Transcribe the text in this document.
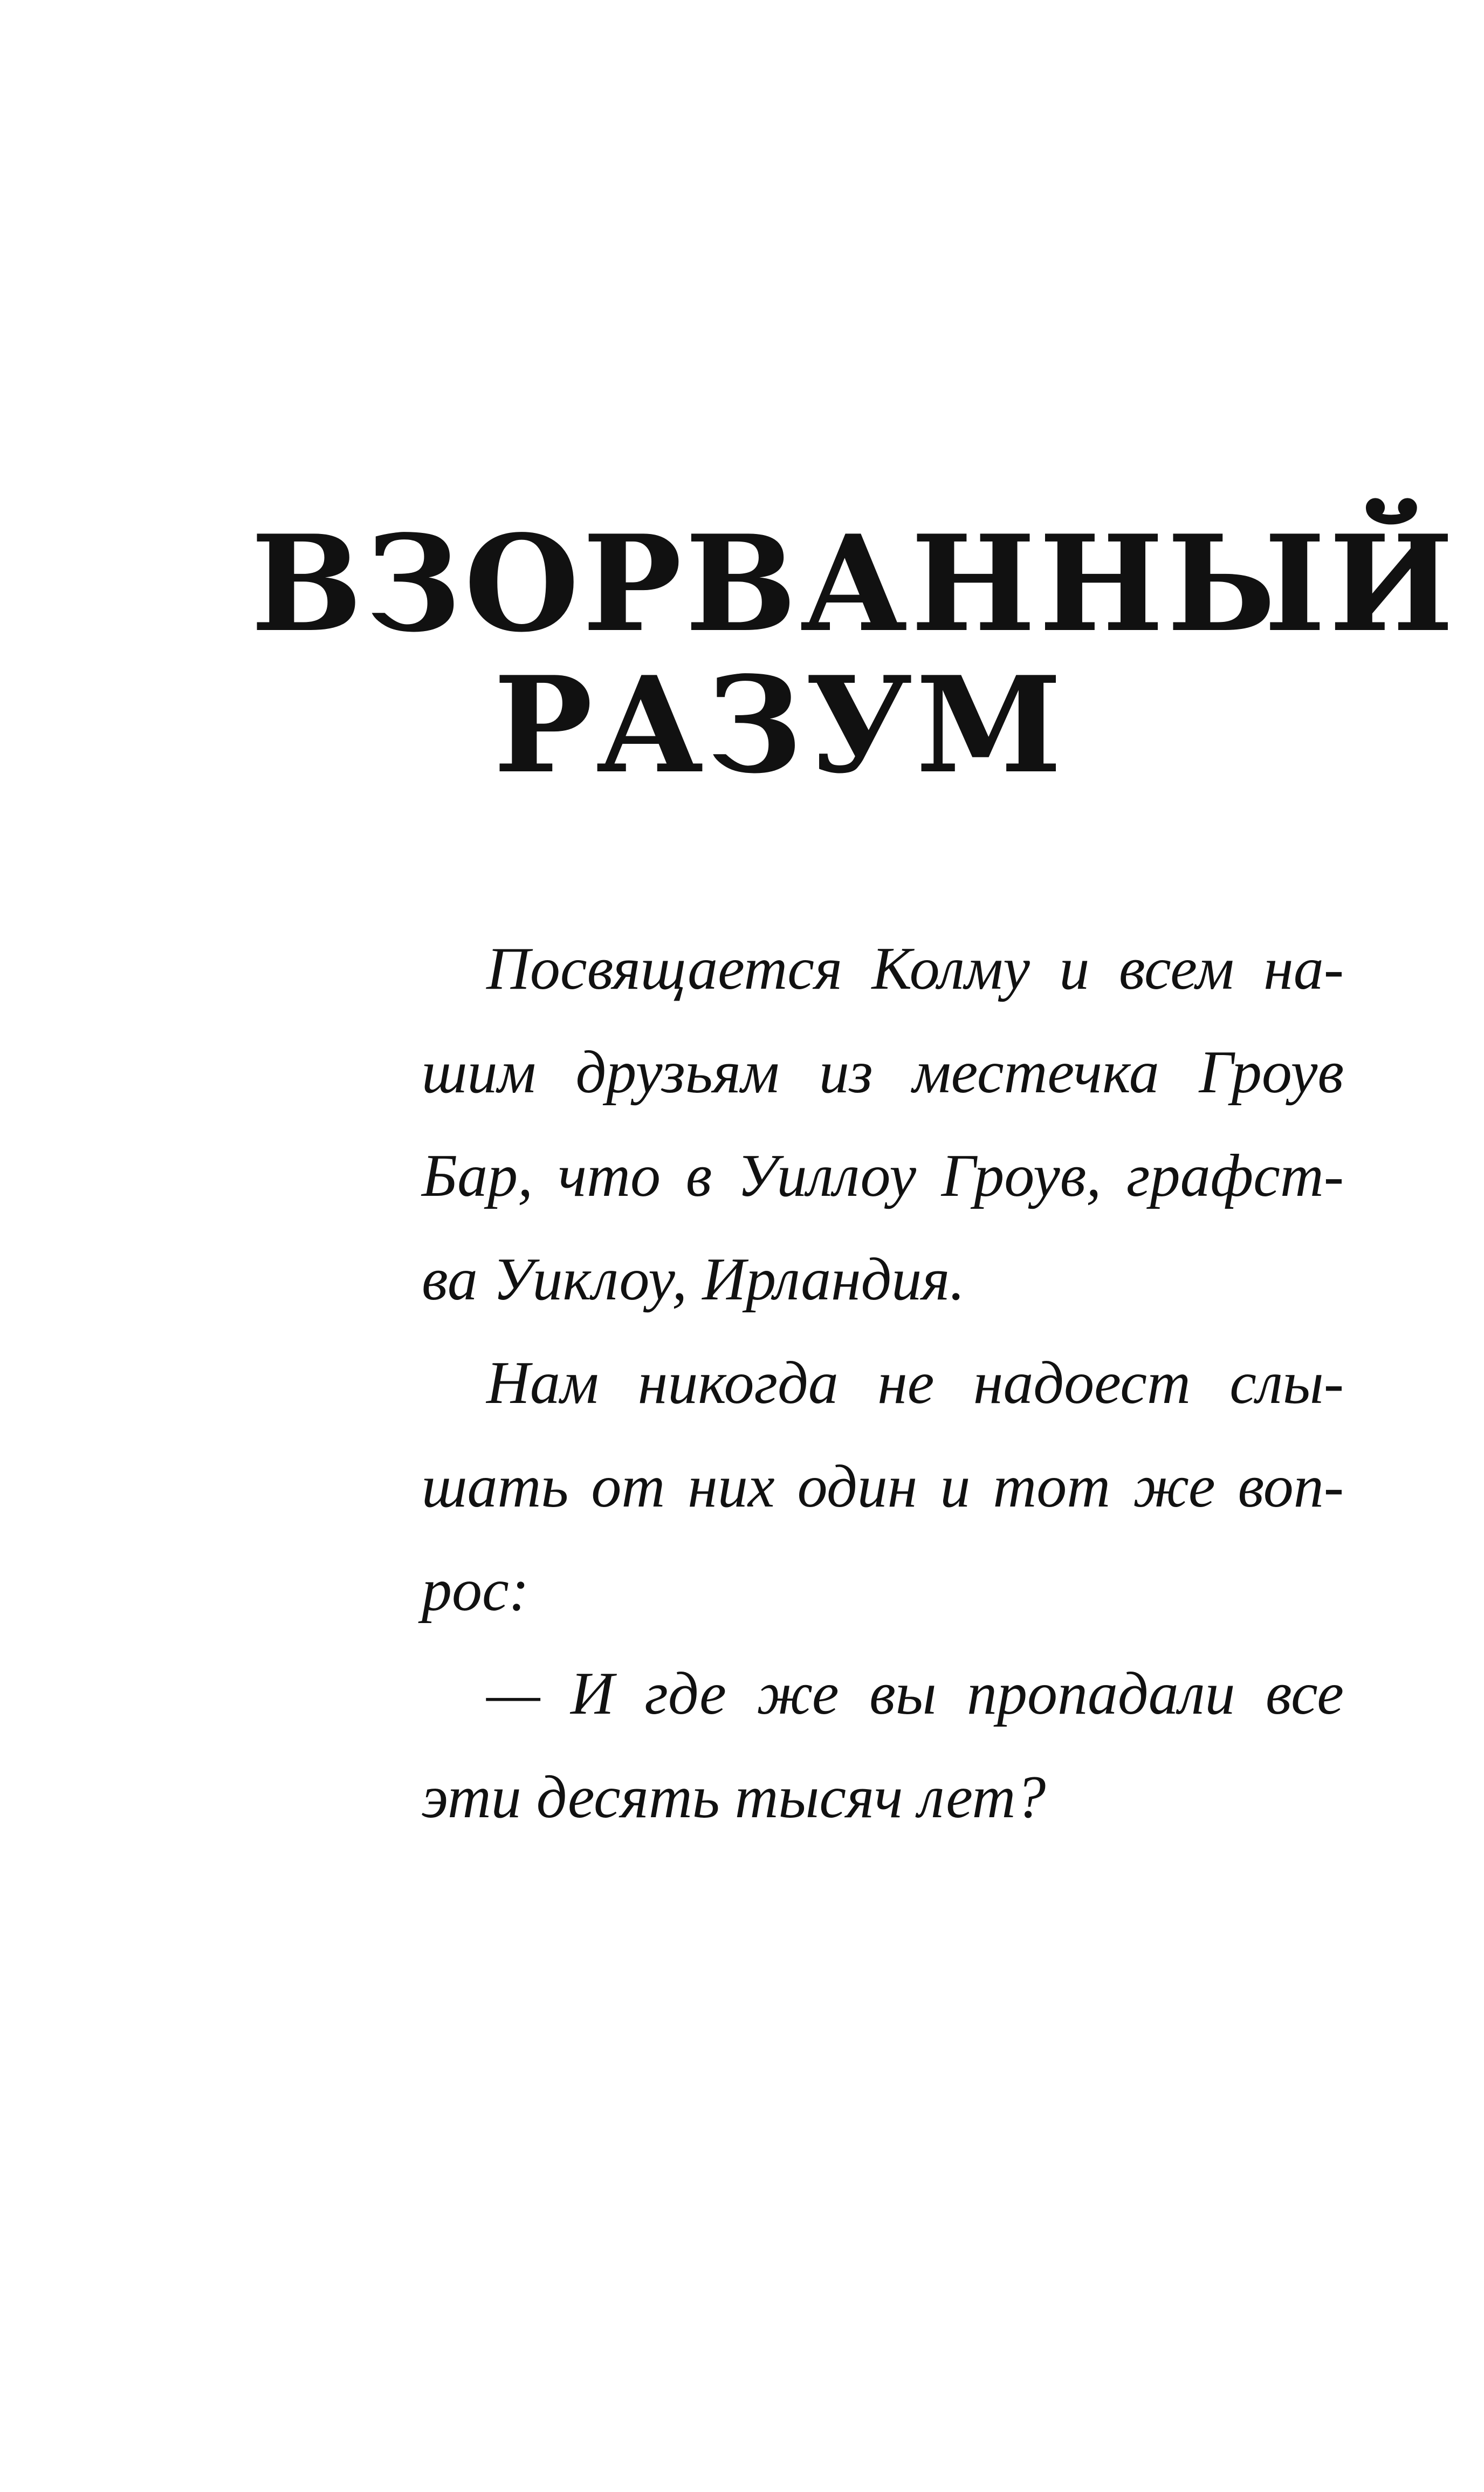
ВЗОРВАННЫЙ
РАЗУМ
Посвящается Колму и всем на-
шим друзьям из местечка Гроув
Бар, что в Уиллоу Гроув, графст-
ва Уиклоу, Ирландия.
Нам никогда не надоест слы-
шать от них один и тот же воп-
рос:
— И где же вы пропадали все
эти десять тысяч лет?
